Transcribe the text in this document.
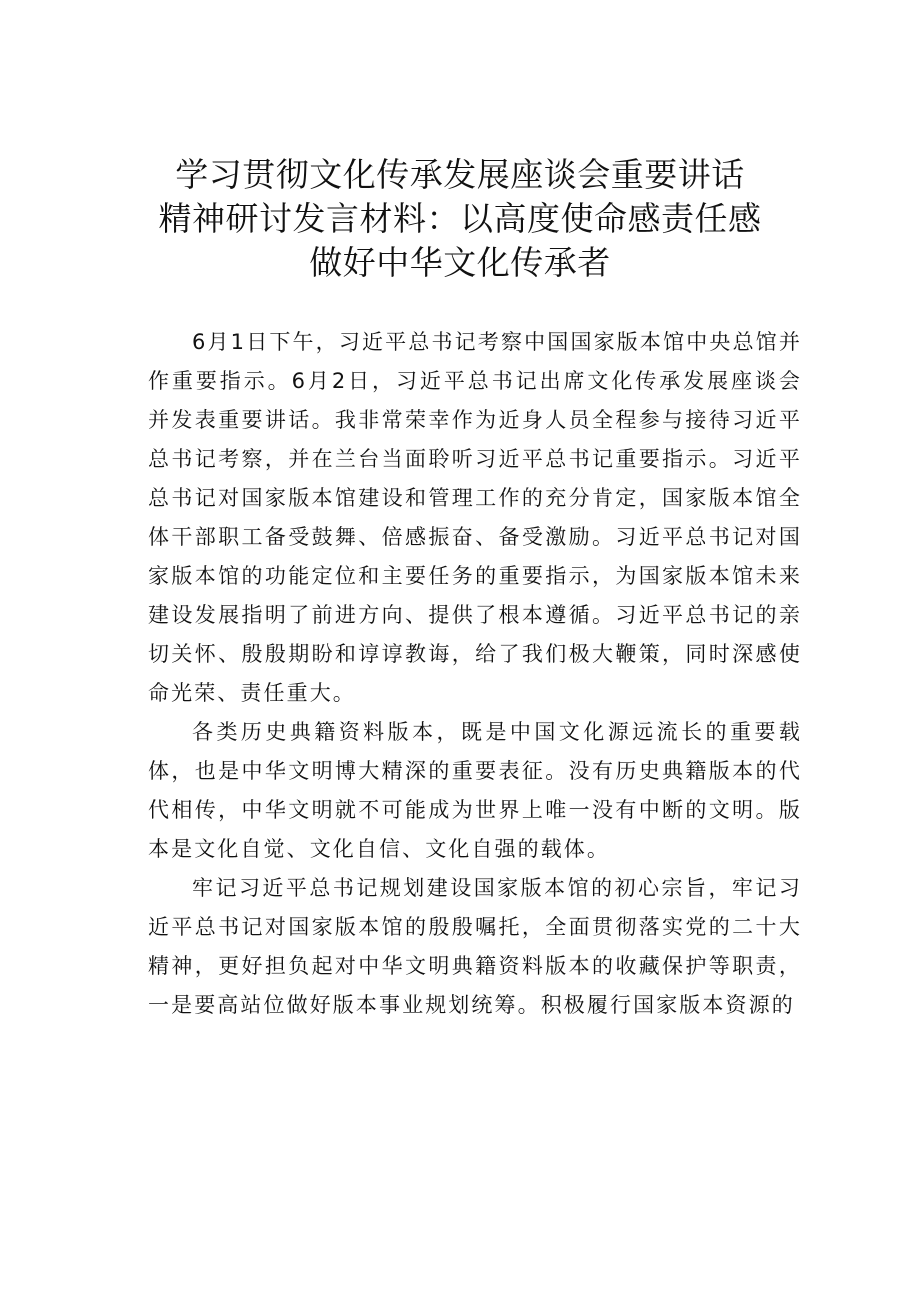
学习贯彻文化传承发展座谈会重要讲话
精神研讨发言材料：以高度使命感责任感
做好中华文化传承者

6月1日下午，习近平总书记考察中国国家版本馆中央总馆并作重要指示。6月2日，习近平总书记出席文化传承发展座谈会并发表重要讲话。我非常荣幸作为近身人员全程参与接待习近平总书记考察，并在兰台当面聆听习近平总书记重要指示。习近平总书记对国家版本馆建设和管理工作的充分肯定，国家版本馆全体干部职工备受鼓舞、倍感振奋、备受激励。习近平总书记对国家版本馆的功能定位和主要任务的重要指示，为国家版本馆未来建设发展指明了前进方向、提供了根本遵循。习近平总书记的亲切关怀、殷殷期盼和谆谆教诲，给了我们极大鞭策，同时深感使命光荣、责任重大。

各类历史典籍资料版本，既是中国文化源远流长的重要载体，也是中华文明博大精深的重要表征。没有历史典籍版本的代代相传，中华文明就不可能成为世界上唯一没有中断的文明。版本是文化自觉、文化自信、文化自强的载体。

牢记习近平总书记规划建设国家版本馆的初心宗旨，牢记习近平总书记对国家版本馆的殷殷嘱托，全面贯彻落实党的二十大精神，更好担负起对中华文明典籍资料版本的收藏保护等职责，一是要高站位做好版本事业规划统筹。积极履行国家版本资源的
